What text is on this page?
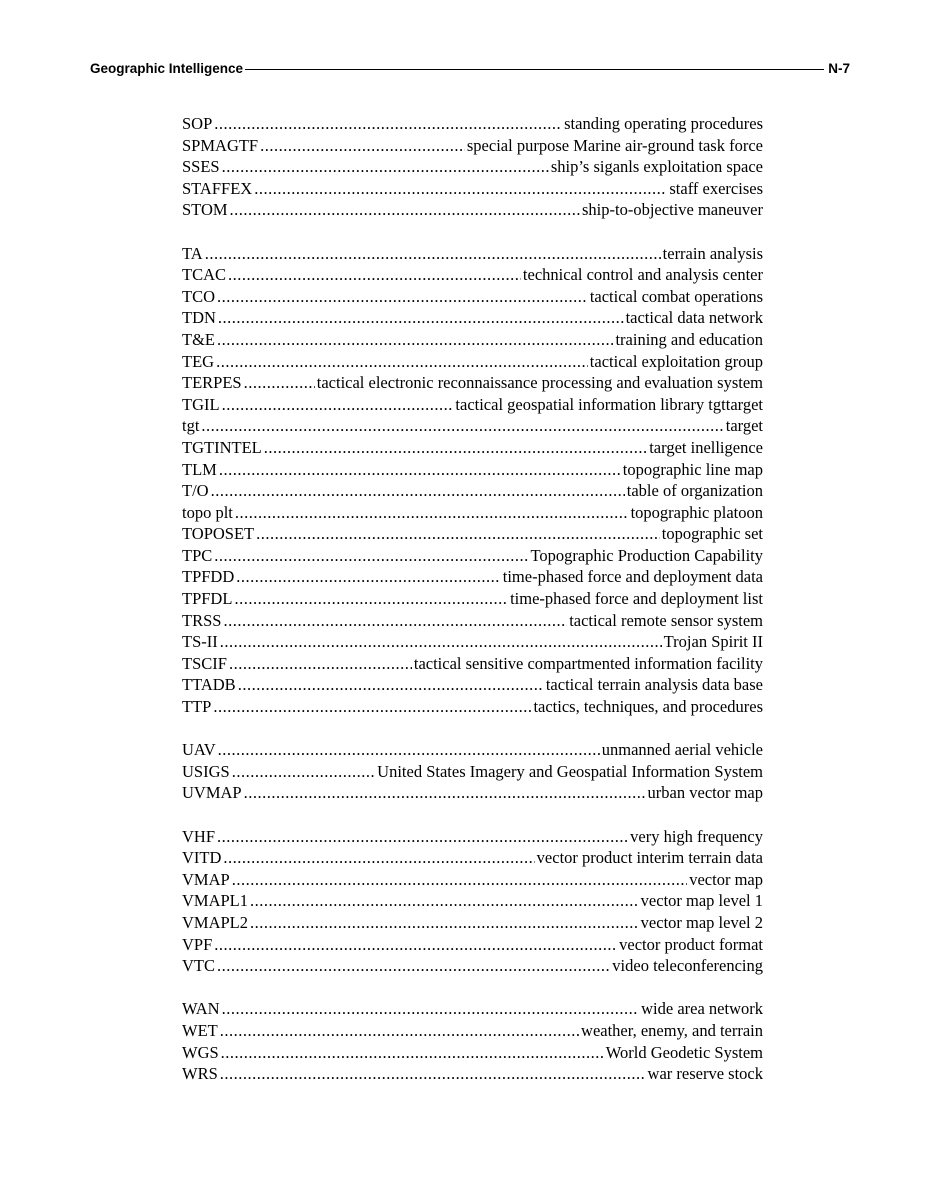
Geographic Intelligence	N-7
SOP .....	standing operating procedures
SPMAGTF .....	special purpose Marine air-ground task force
SSES .....	ship’s siganls exploitation space
STAFFEX .....	staff exercises
STOM .....	ship-to-objective maneuver
TA .....	terrain analysis
TCAC .....	technical control and analysis center
TCO .....	tactical combat operations
TDN .....	tactical data network
T&E .....	training and education
TEG .....	tactical exploitation group
TERPES .....	tactical electronic reconnaissance processing and evaluation system
TGIL .....	tactical geospatial information library tgttarget
tgt .....	target
TGTINTEL .....	target inelligence
TLM .....	topographic line map
T/O .....	table of organization
topo plt .....	topographic platoon
TOPOSET .....	topographic set
TPC .....	Topographic Production Capability
TPFDD .....	time-phased force and deployment data
TPFDL .....	time-phased force and deployment list
TRSS .....	tactical remote sensor system
TS-II .....	Trojan Spirit II
TSCIF .....	tactical sensitive compartmented information facility
TTADB .....	tactical terrain analysis data base
TTP .....	tactics, techniques, and procedures
UAV .....	unmanned aerial vehicle
USIGS .....	United States Imagery and Geospatial Information System
UVMAP .....	urban vector map
VHF .....	very high frequency
VITD .....	vector product interim terrain data
VMAP .....	vector map
VMAPL1 .....	vector map level 1
VMAPL2 .....	vector map level 2
VPF .....	vector product format
VTC .....	video teleconferencing
WAN .....	wide area network
WET .....	weather, enemy, and terrain
WGS .....	World Geodetic System
WRS .....	war reserve stock
